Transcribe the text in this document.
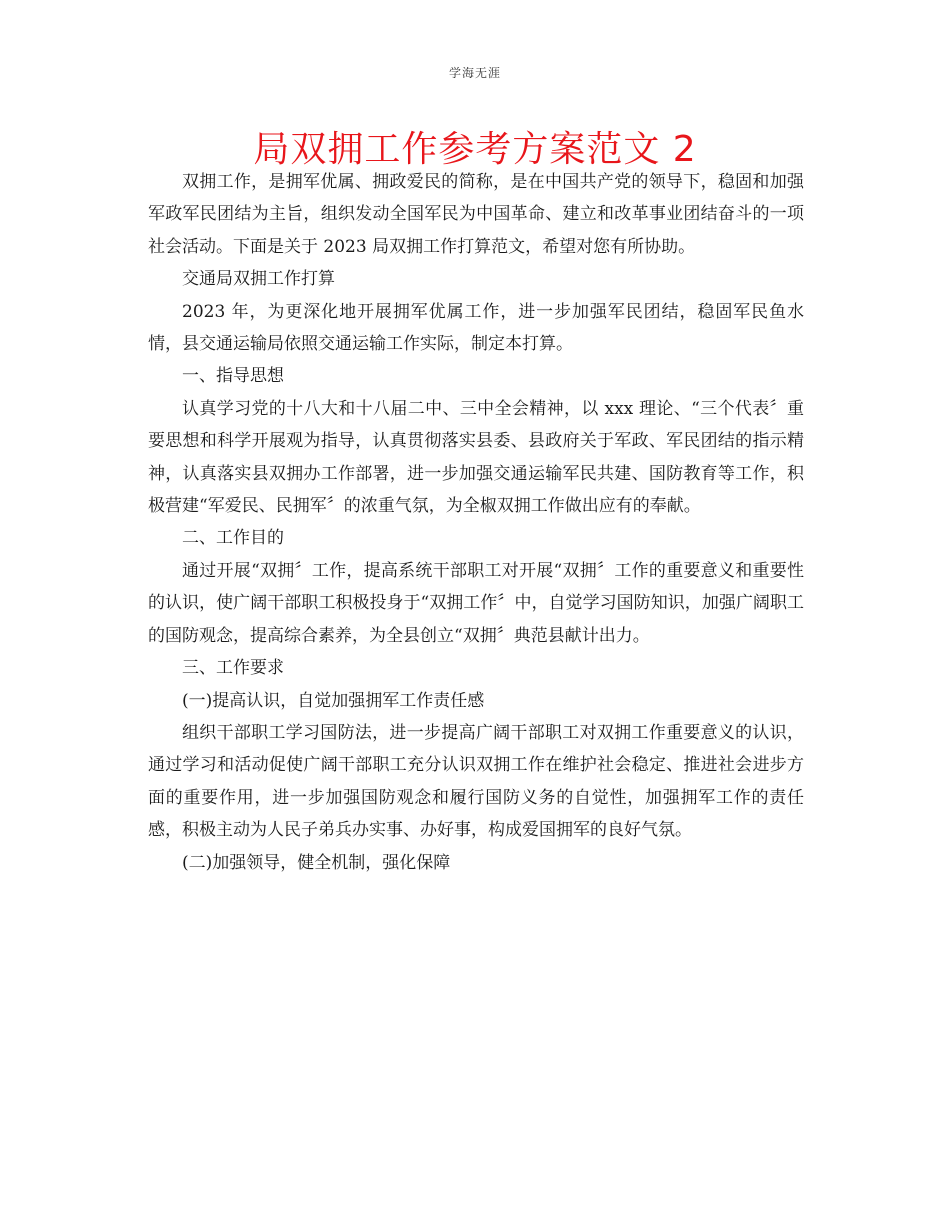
学海无涯
局双拥工作参考方案范文 2

双拥工作，是拥军优属、拥政爱民的简称，是在中国共产党的领导下，稳固和加强军政军民团结为主旨，组织发动全国军民为中国革命、建立和改革事业团结奋斗的一项社会活动。下面是关于 2023 局双拥工作打算范文，希望对您有所协助。

交通局双拥工作打算

2023 年，为更深化地开展拥军优属工作，进一步加强军民团结，稳固军民鱼水情，县交通运输局依照交通运输工作实际，制定本打算。

一、指导思想

认真学习党的十八大和十八届二中、三中全会精神，以 xxx 理论、“三个代表〞重要思想和科学开展观为指导，认真贯彻落实县委、县政府关于军政、军民团结的指示精神，认真落实县双拥办工作部署，进一步加强交通运输军民共建、国防教育等工作，积极营建“军爱民、民拥军〞的浓重气氛，为全椒双拥工作做出应有的奉献。

二、工作目的

通过开展“双拥〞工作，提高系统干部职工对开展“双拥〞工作的重要意义和重要性的认识，使广阔干部职工积极投身于“双拥工作〞中，自觉学习国防知识，加强广阔职工的国防观念，提高综合素养，为全县创立“双拥〞典范县献计出力。

三、工作要求

(一)提高认识，自觉加强拥军工作责任感

组织干部职工学习国防法，进一步提高广阔干部职工对双拥工作重要意义的认识，通过学习和活动促使广阔干部职工充分认识双拥工作在维护社会稳定、推进社会进步方面的重要作用，进一步加强国防观念和履行国防义务的自觉性，加强拥军工作的责任感，积极主动为人民子弟兵办实事、办好事，构成爱国拥军的良好气氛。

(二)加强领导，健全机制，强化保障
